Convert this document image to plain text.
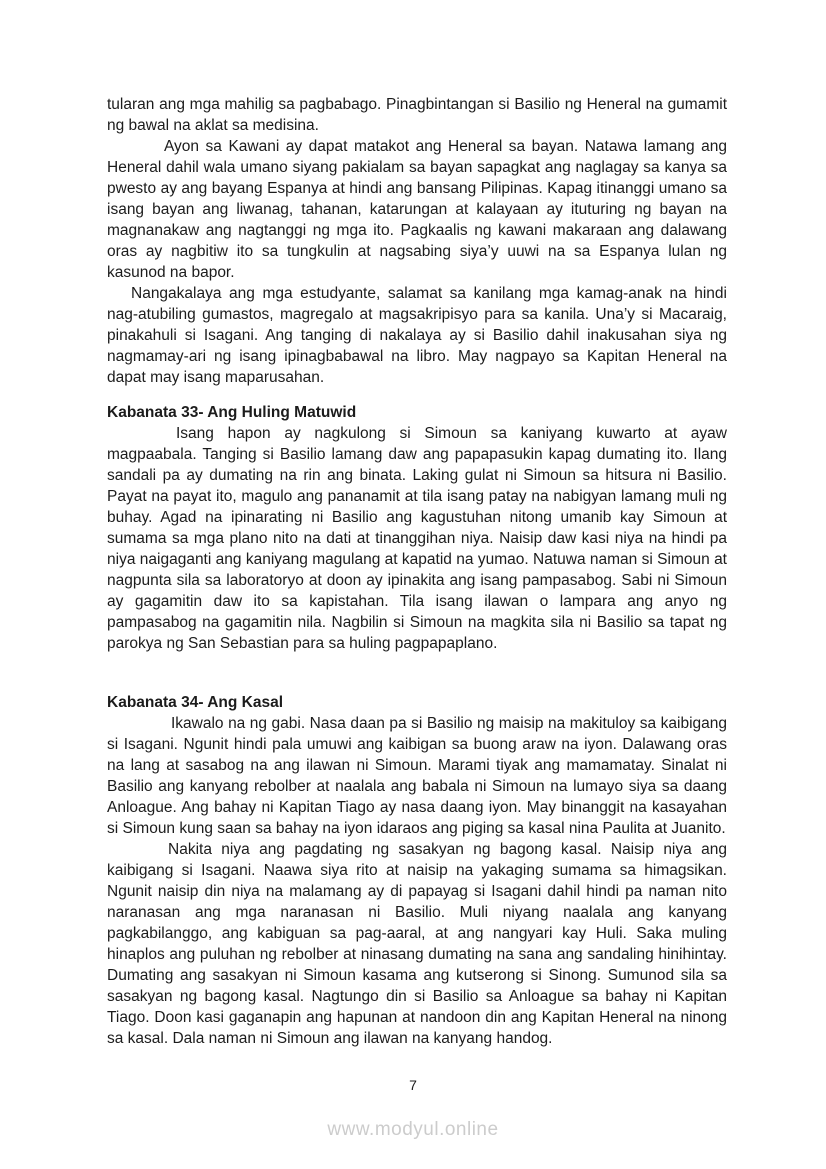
tularan ang mga mahilig sa pagbabago. Pinagbintangan si Basilio ng Heneral na gumamit ng bawal na aklat sa medisina.

Ayon sa Kawani ay dapat matakot ang Heneral sa bayan. Natawa lamang ang Heneral dahil wala umano siyang pakialam sa bayan sapagkat ang naglagay sa kanya sa pwesto ay ang bayang Espanya at hindi ang bansang Pilipinas. Kapag itinanggi umano sa isang bayan ang liwanag, tahanan, katarungan at kalayaan ay ituturing ng bayan na magnanakaw ang nagtanggi ng mga ito. Pagkaalis ng kawani makaraan ang dalawang oras ay nagbitiw ito sa tungkulin at nagsabing siya’y uuwi na sa Espanya lulan ng kasunod na bapor.

Nangakalaya ang mga estudyante, salamat sa kanilang mga kamag-anak na hindi nag-atubiling gumastos, magregalo at magsakripisyo para sa kanila. Una’y si Macaraig, pinakahuli si Isagani. Ang tanging di nakalaya ay si Basilio dahil inakusahan siya ng nagmamay-ari ng isang ipinagbabawal na libro. May nagpayo sa Kapitan Heneral na dapat may isang maparusahan.

Kabanata 33- Ang Huling Matuwid

Isang hapon ay nagkulong si Simoun sa kaniyang kuwarto at ayaw magpaabala. Tanging si Basilio lamang daw ang papapasukin kapag dumating ito. Ilang sandali pa ay dumating na rin ang binata. Laking gulat ni Simoun sa hitsura ni Basilio. Payat na payat ito, magulo ang pananamit at tila isang patay na nabigyan lamang muli ng buhay. Agad na ipinarating ni Basilio ang kagustuhan nitong umanib kay Simoun at sumama sa mga plano nito na dati at tinanggihan niya. Naisip daw kasi niya na hindi pa niya naigaganti ang kaniyang magulang at kapatid na yumao. Natuwa naman si Simoun at nagpunta sila sa laboratoryo at doon ay ipinakita ang isang pampasabog. Sabi ni Simoun ay gagamitin daw ito sa kapistahan. Tila isang ilawan o lampara ang anyo ng pampasabog na gagamitin nila. Nagbilin si Simoun na magkita sila ni Basilio sa tapat ng parokya ng San Sebastian para sa huling pagpapaplano.

Kabanata 34- Ang Kasal

Ikawalo na ng gabi. Nasa daan pa si Basilio ng maisip na makituloy sa kaibigang si Isagani. Ngunit hindi pala umuwi ang kaibigan sa buong araw na iyon. Dalawang oras na lang at sasabog na ang ilawan ni Simoun. Marami tiyak ang mamamatay. Sinalat ni Basilio ang kanyang rebolber at naalala ang babala ni Simoun na lumayo siya sa daang Anloague. Ang bahay ni Kapitan Tiago ay nasa daang iyon. May binanggit na kasayahan si Simoun kung saan sa bahay na iyon idaraos ang piging sa kasal nina Paulita at Juanito.

Nakita niya ang pagdating ng sasakyan ng bagong kasal. Naisip niya ang kaibigang si Isagani. Naawa siya rito at naisip na yakaging sumama sa himagsikan. Ngunit naisip din niya na malamang ay di papayag si Isagani dahil hindi pa naman nito naranasan ang mga naranasan ni Basilio. Muli niyang naalala ang kanyang pagkabilanggo, ang kabiguan sa pag-aaral, at ang nangyari kay Huli. Saka muling hinaplos ang puluhan ng rebolber at ninasang dumating na sana ang sandaling hinihintay. Dumating ang sasakyan ni Simoun kasama ang kutserong si Sinong. Sumunod sila sa sasakyan ng bagong kasal. Nagtungo din si Basilio sa Anloague sa bahay ni Kapitan Tiago. Doon kasi gaganapin ang hapunan at nandoon din ang Kapitan Heneral na ninong sa kasal. Dala naman ni Simoun ang ilawan na kanyang handog.

7
www.modyul.online
